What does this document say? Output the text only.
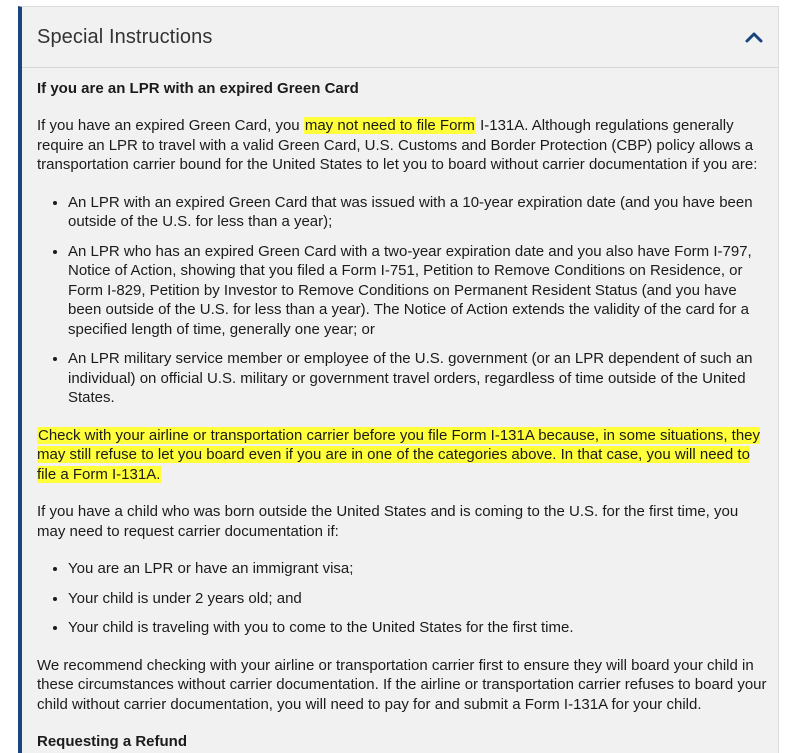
Special Instructions
If you are an LPR with an expired Green Card

If you have an expired Green Card, you may not need to file Form I-131A. Although regulations generally require an LPR to travel with a valid Green Card, U.S. Customs and Border Protection (CBP) policy allows a transportation carrier bound for the United States to let you to board without carrier documentation if you are:

• An LPR with an expired Green Card that was issued with a 10-year expiration date (and you have been outside of the U.S. for less than a year);
• An LPR who has an expired Green Card with a two-year expiration date and you also have Form I-797, Notice of Action, showing that you filed a Form I-751, Petition to Remove Conditions on Residence, or Form I-829, Petition by Investor to Remove Conditions on Permanent Resident Status (and you have been outside of the U.S. for less than a year). The Notice of Action extends the validity of the card for a specified length of time, generally one year; or
• An LPR military service member or employee of the U.S. government (or an LPR dependent of such an individual) on official U.S. military or government travel orders, regardless of time outside of the United States.

Check with your airline or transportation carrier before you file Form I-131A because, in some situations, they may still refuse to let you board even if you are in one of the categories above. In that case, you will need to file a Form I-131A.

If you have a child who was born outside the United States and is coming to the U.S. for the first time, you may need to request carrier documentation if:

• You are an LPR or have an immigrant visa;
• Your child is under 2 years old; and
• Your child is traveling with you to come to the United States for the first time.

We recommend checking with your airline or transportation carrier first to ensure they will board your child in these circumstances without carrier documentation. If the airline or transportation carrier refuses to board your child without carrier documentation, you will need to pay for and submit a Form I-131A for your child.

Requesting a Refund
